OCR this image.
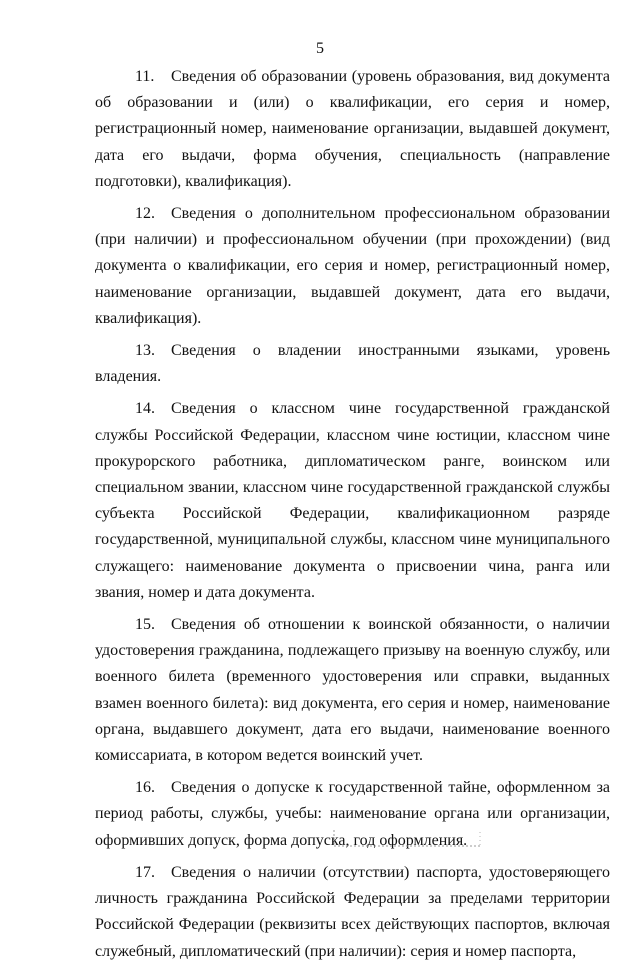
5

11. Сведения об образовании (уровень образования, вид документа об образовании и (или) о квалификации, его серия и номер, регистрационный номер, наименование организации, выдавшей документ, дата его выдачи, форма обучения, специальность (направление подготовки), квалификация).

12. Сведения о дополнительном профессиональном образовании (при наличии) и профессиональном обучении (при прохождении) (вид документа о квалификации, его серия и номер, регистрационный номер, наименование организации, выдавшей документ, дата его выдачи, квалификация).

13. Сведения о владении иностранными языками, уровень владения.

14. Сведения о классном чине государственной гражданской службы Российской Федерации, классном чине юстиции, классном чине прокурорского работника, дипломатическом ранге, воинском или специальном звании, классном чине государственной гражданской службы субъекта Российской Федерации, квалификационном разряде государственной, муниципальной службы, классном чине муниципального служащего: наименование документа о присвоении чина, ранга или звания, номер и дата документа.

15. Сведения об отношении к воинской обязанности, о наличии удостоверения гражданина, подлежащего призыву на военную службу, или военного билета (временного удостоверения или справки, выданных взамен военного билета): вид документа, его серия и номер, наименование органа, выдавшего документ, дата его выдачи, наименование военного комиссариата, в котором ведется воинский учет.

16. Сведения о допуске к государственной тайне, оформленном за период работы, службы, учебы: наименование органа или организации, оформивших допуск, форма допуска, год оформления.

17. Сведения о наличии (отсутствии) паспорта, удостоверяющего личность гражданина Российской Федерации за пределами территории Российской Федерации (реквизиты всех действующих паспортов, включая служебный, дипломатический (при наличии): серия и номер паспорта,
